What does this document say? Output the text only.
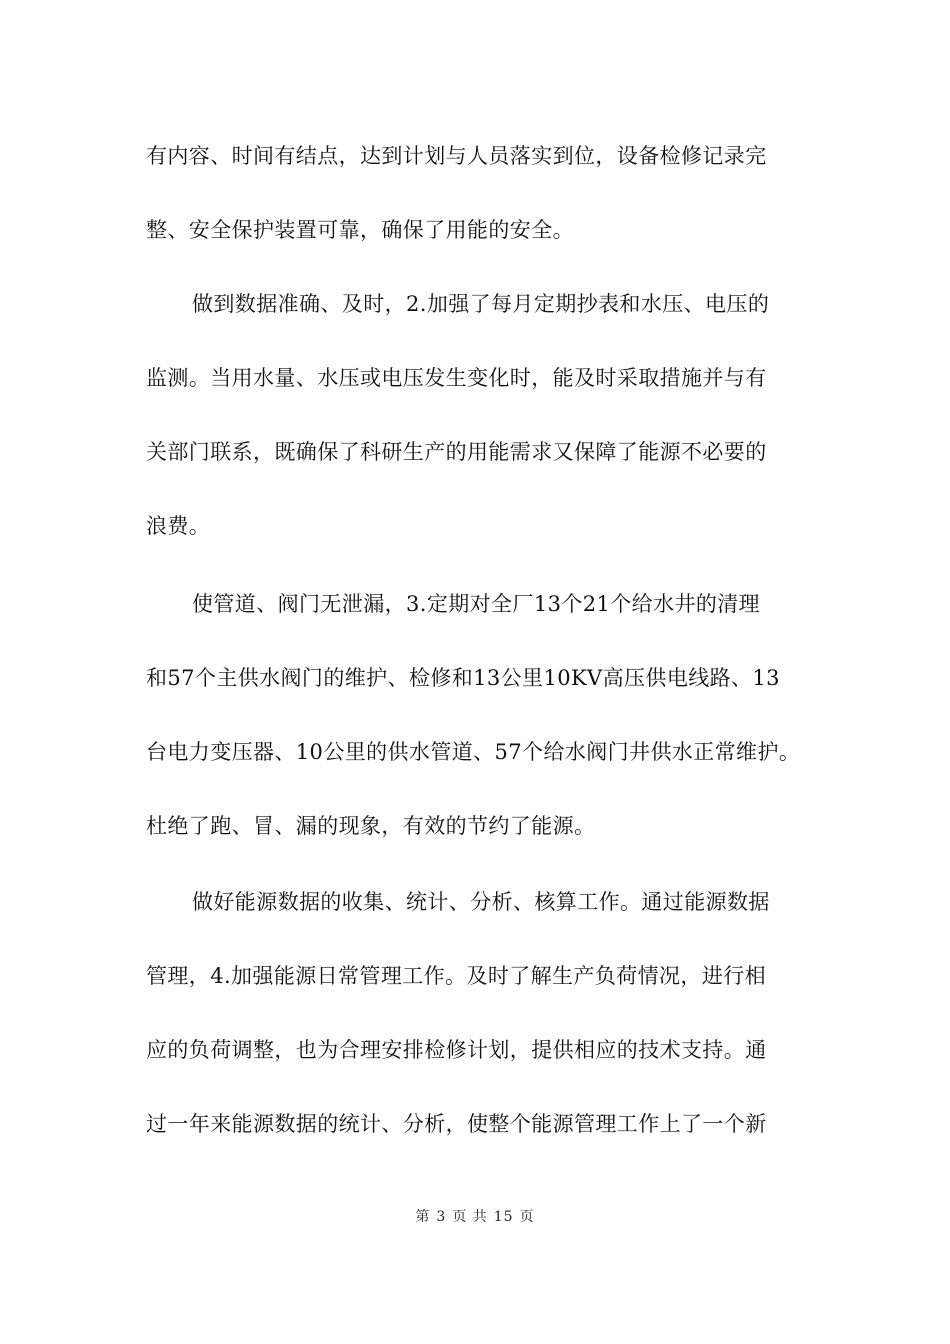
有内容、时间有结点，达到计划与人员落实到位，设备检修记录完
整、安全保护装置可靠，确保了用能的安全。
做到数据准确、及时，2.加强了每月定期抄表和水压、电压的
监测。当用水量、水压或电压发生变化时，能及时采取措施并与有
关部门联系，既确保了科研生产的用能需求又保障了能源不必要的
浪费。
使管道、阀门无泄漏，3.定期对全厂13个21个给水井的清理
和57个主供水阀门的维护、检修和13公里10KV高压供电线路、13
台电力变压器、10公里的供水管道、57个给水阀门井供水正常维护。
杜绝了跑、冒、漏的现象，有效的节约了能源。
做好能源数据的收集、统计、分析、核算工作。通过能源数据
管理，4.加强能源日常管理工作。及时了解生产负荷情况，进行相
应的负荷调整，也为合理安排检修计划，提供相应的技术支持。通
过一年来能源数据的统计、分析，使整个能源管理工作上了一个新
第 3 页 共 15 页
